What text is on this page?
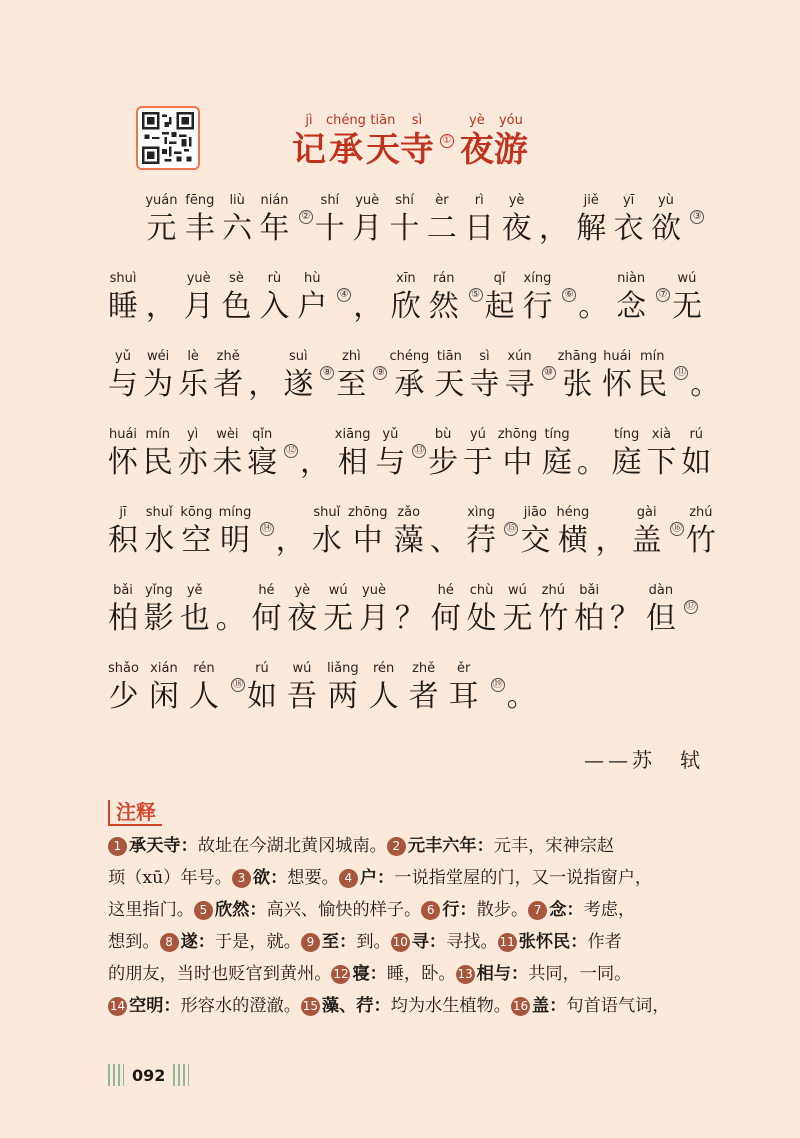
jì
记
chéng
承
tiān
天
sì
寺 ①
yè
夜
yóu
游

yuán
元
fēng
丰
liù
六
nián
年 ②
shí
十
yuè
月
shí
十
èr
二
rì
日
yè
夜 ，
jiě
解
yī
衣
yù
欲 ③
shuì
睡 ，
yuè
月
sè
色
rù
入
hù
户 ④ ，
xīn
欣
rán
然 ⑤
qǐ
起
xíng
行 ⑥ 。
niàn
念 ⑦
wú
无
yǔ
与
wéi
为
lè
乐
zhě
者 ，
suì
遂 ⑧
zhì
至 ⑨
chéng
承
tiān
天
sì
寺
xún
寻 ⑩
zhāng
张
huái
怀
mín
民 ⑪ 。
huái
怀
mín
民
yì
亦
wèi
未
qǐn
寝 ⑫ ，
xiāng
相
yǔ
与 ⑬
bù
步
yú
于
zhōng
中
tíng
庭 。
tíng
庭
xià
下
rú
如
jī
积
shuǐ
水
kōng
空
míng
明 ⑭ ，
shuǐ
水
zhōng
中
zǎo
藻 、
xìng
荇 ⑮
jiāo
交
héng
横 ，
gài
盖 ⑯
zhú
竹
bǎi
柏
yǐng
影
yě
也 。
hé
何
yè
夜
wú
无
yuè
月 ？
hé
何
chù
处
wú
无
zhú
竹
bǎi
柏 ？
dàn
但 ⑰
shǎo
少
xián
闲
rén
人 ⑱
rú
如
wú
吾
liǎng
两
rén
人
zhě
者
ěr
耳 ⑲ 。
——苏　轼
注释
1 承天寺：故址在今湖北黄冈城南。 2 元丰六年：元丰，宋神宗赵
顼（xū）年号。 3 欲：想要。 4 户：一说指堂屋的门，又一说指窗户，
这里指门。 5 欣然：高兴、愉快的样子。 6 行：散步。 7 念：考虑，
想到。 8 遂：于是，就。 9 至：到。 10 寻：寻找。 11 张怀民：作者
的朋友，当时也贬官到黄州。 12 寝：睡，卧。 13 相与：共同，一同。
14 空明：形容水的澄澈。 15 藻、荇：均为水生植物。 16 盖：句首语气词，
092
